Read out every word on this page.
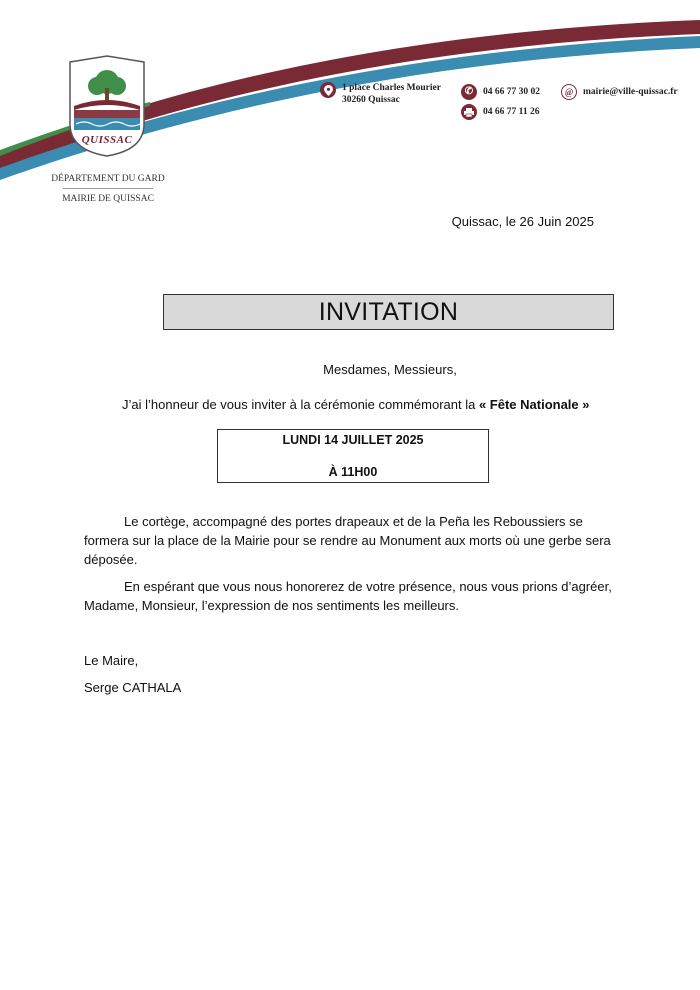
QUISSAC
DÉPARTEMENT DU GARD
MAIRIE DE QUISSAC
1 place Charles Mourier
30260 Quissac
✆	04 66 77 30 02
04 66 77 11 26
@	mairie@ville-quissac.fr
Quissac, le 26 Juin 2025
INVITATION
Mesdames, Messieurs,
J’ai l’honneur de vous inviter à la cérémonie commémorant la « Fête Nationale »
LUNDI 14 JUILLET 2025
À 11H00

Le cortège, accompagné des portes drapeaux et de la Peña les Reboussiers se formera sur la place de la Mairie pour se rendre au Monument aux morts où une gerbe sera déposée.

En espérant que vous nous honorerez de votre présence, nous vous prions d’agréer, Madame, Monsieur, l’expression de nos sentiments les meilleurs.

Le Maire,
Serge CATHALA
